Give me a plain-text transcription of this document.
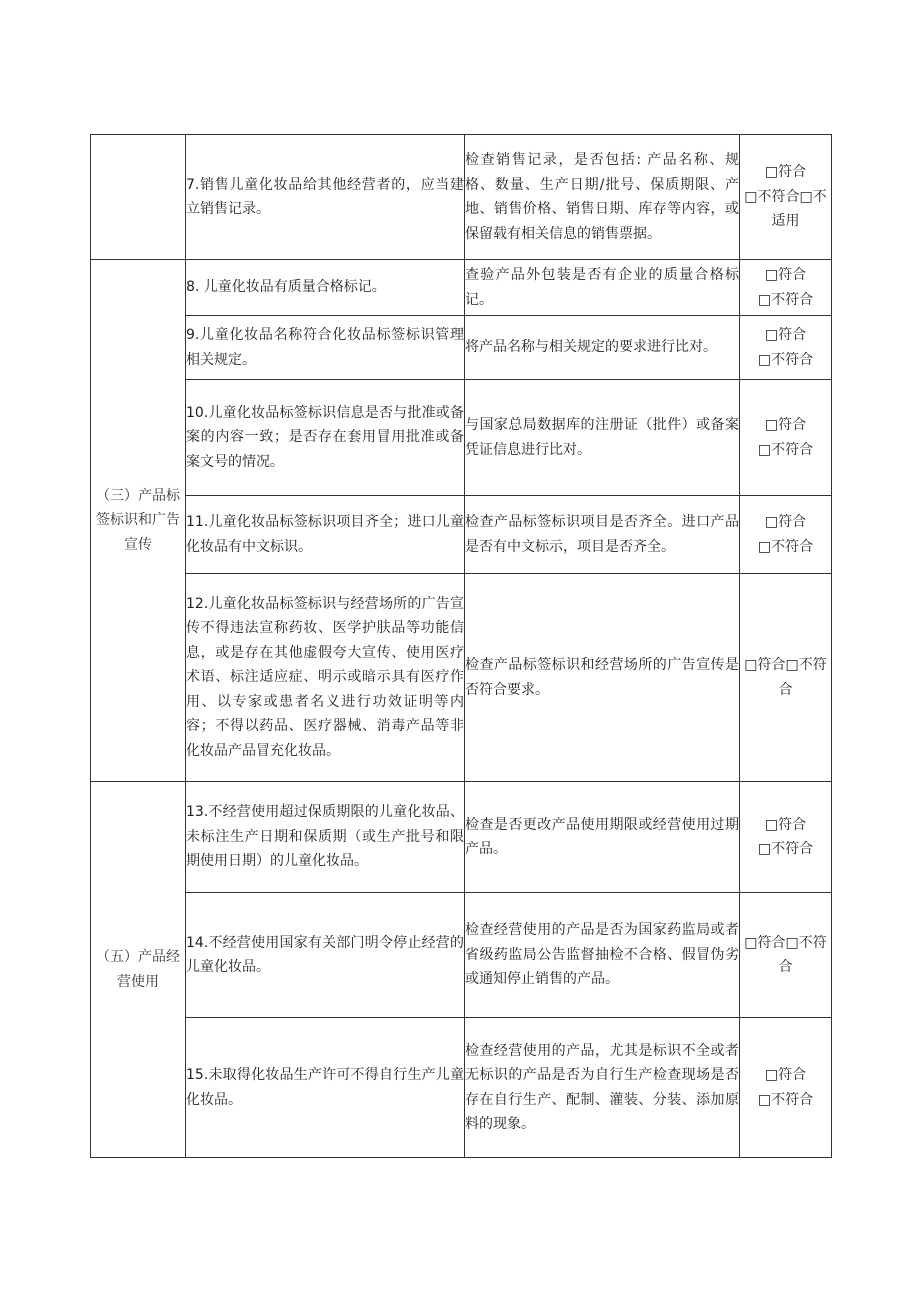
	7.销售儿童化妆品给其他经营者的，应当建立销售记录。	检查销售记录，是否包括: 产品名称、规格、数量、生产日期/批号、保质期限、产地、销售价格、销售日期、库存等内容，或保留载有相关信息的销售票据。	□符合
□不符合□不适用

（三）产品标签标识和广告宣传	8. 儿童化妆品有质量合格标记。	查验产品外包装是否有企业的质量合格标记。	□符合
□不符合

	9.儿童化妆品名称符合化妆品标签标识管理相关规定。	将产品名称与相关规定的要求进行比对。	□符合
□不符合

	10.儿童化妆品标签标识信息是否与批准或备案的内容一致；是否存在套用冒用批准或备案文号的情况。	与国家总局数据库的注册证（批件）或备案凭证信息进行比对。	□符合
□不符合

	11.儿童化妆品标签标识项目齐全；进口儿童化妆品有中文标识。	检查产品标签标识项目是否齐全。进口产品是否有中文标示，项目是否齐全。	□符合
□不符合

	12.儿童化妆品标签标识与经营场所的广告宣传不得违法宣称药妆、医学护肤品等功能信息，或是存在其他虚假夸大宣传、使用医疗术语、标注适应症、明示或暗示具有医疗作用、以专家或患者名义进行功效证明等内容；不得以药品、医疗器械、消毒产品等非化妆品产品冒充化妆品。	检查产品标签标识和经营场所的广告宣传是否符合要求。	□符合□不符合

（五）产品经营使用	13.不经营使用超过保质期限的儿童化妆品、未标注生产日期和保质期（或生产批号和限期使用日期）的儿童化妆品。	检查是否更改产品使用期限或经营使用过期产品。	□符合
□不符合

	14.不经营使用国家有关部门明令停止经营的儿童化妆品。	检查经营使用的产品是否为国家药监局或者省级药监局公告监督抽检不合格、假冒伪劣或通知停止销售的产品。	□符合□不符合

	15.未取得化妆品生产许可不得自行生产儿童化妆品。	检查经营使用的产品，尤其是标识不全或者无标识的产品是否为自行生产检查现场是否存在自行生产、配制、灌装、分装、添加原料的现象。	□符合
□不符合
